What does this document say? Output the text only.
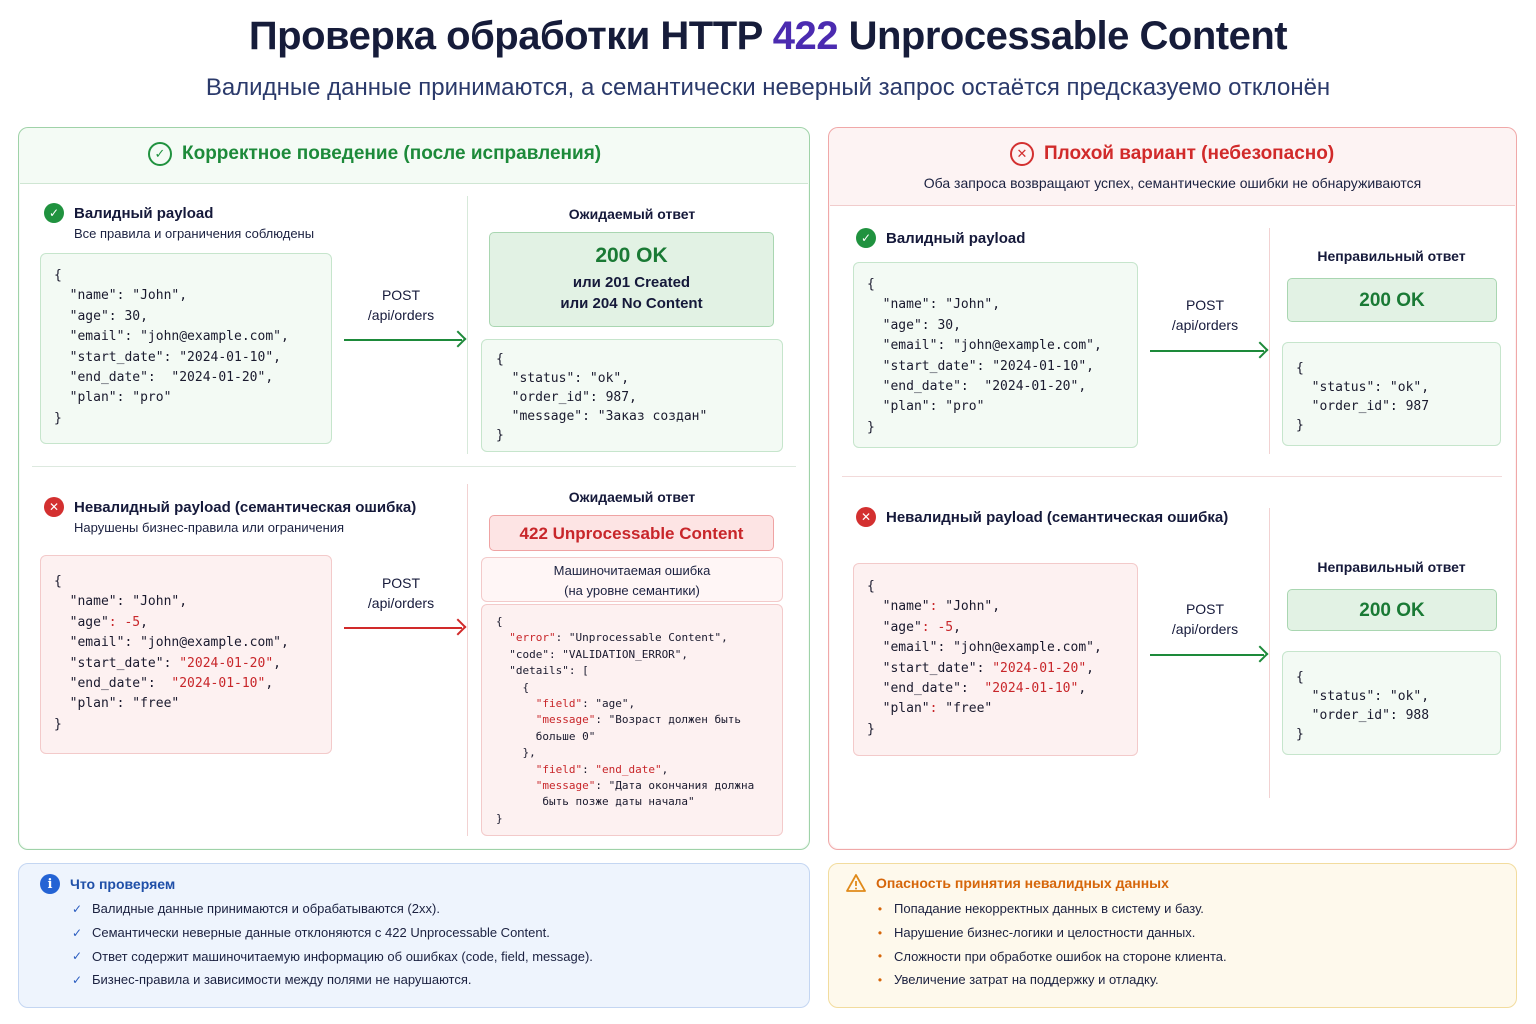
Проверка обработки HTTP 422 Unprocessable Content
Валидные данные принимаются, а семантически неверный запрос остаётся предсказуемо отклонён
✓ Корректное поведение (после исправления)
✓ Валидный payload
Все правила и ограничения соблюдены
{
"name": "John",
"age": 30,
"email": "john@example.com",
"start_date": "2024-01-10",
"end_date":  "2024-01-20",
"plan": "pro"
}
POST
/api/orders
Ожидаемый ответ
200 OK
или 201 Created
или 204 No Content
{
"status": "ok",
"order_id": 987,
"message": "Заказ создан"
}
✕ Невалидный payload (семантическая ошибка)
Нарушены бизнес-правила или ограничения
{
"name": "John",
"age": -5,
"email": "john@example.com",
"start_date": "2024-01-20",
"end_date":  "2024-01-10",
"plan": "free"
}
POST
/api/orders
Ожидаемый ответ
422 Unprocessable Content
Машиночитаемая ошибка
(на уровне семантики)
{
"error": "Unprocessable Content",
"code": "VALIDATION_ERROR",
"details": [
{
"field": "age",
"message": "Возраст должен быть
больше 0"
},
"field": "end_date",
"message": "Дата окончания должна
быть позже даты начала"
}
✕ Плохой вариант (небезопасно)
Оба запроса возвращают успех, семантические ошибки не обнаруживаются
✓ Валидный payload
{
"name": "John",
"age": 30,
"email": "john@example.com",
"start_date": "2024-01-10",
"end_date":  "2024-01-20",
"plan": "pro"
}
POST
/api/orders
Неправильный ответ
200 OK
{
"status": "ok",
"order_id": 987
}
✕ Невалидный payload (семантическая ошибка)
{
"name": "John",
"age": -5,
"email": "john@example.com",
"start_date": "2024-01-20",
"end_date":  "2024-01-10",
"plan": "free"
}
POST
/api/orders
Неправильный ответ
200 OK
{
"status": "ok",
"order_id": 988
}
i	Что проверяем
✓ Валидные данные принимаются и обрабатываются (2xx).
✓ Семантически неверные данные отклоняются с 422 Unprocessable Content.
✓ Ответ содержит машиночитаемую информацию об ошибках (code, field, message).
✓ Бизнес-правила и зависимости между полями не нарушаются.
Опасность принятия невалидных данных
• Попадание некорректных данных в систему и базу.
• Нарушение бизнес-логики и целостности данных.
• Сложности при обработке ошибок на стороне клиента.
• Увеличение затрат на поддержку и отладку.
